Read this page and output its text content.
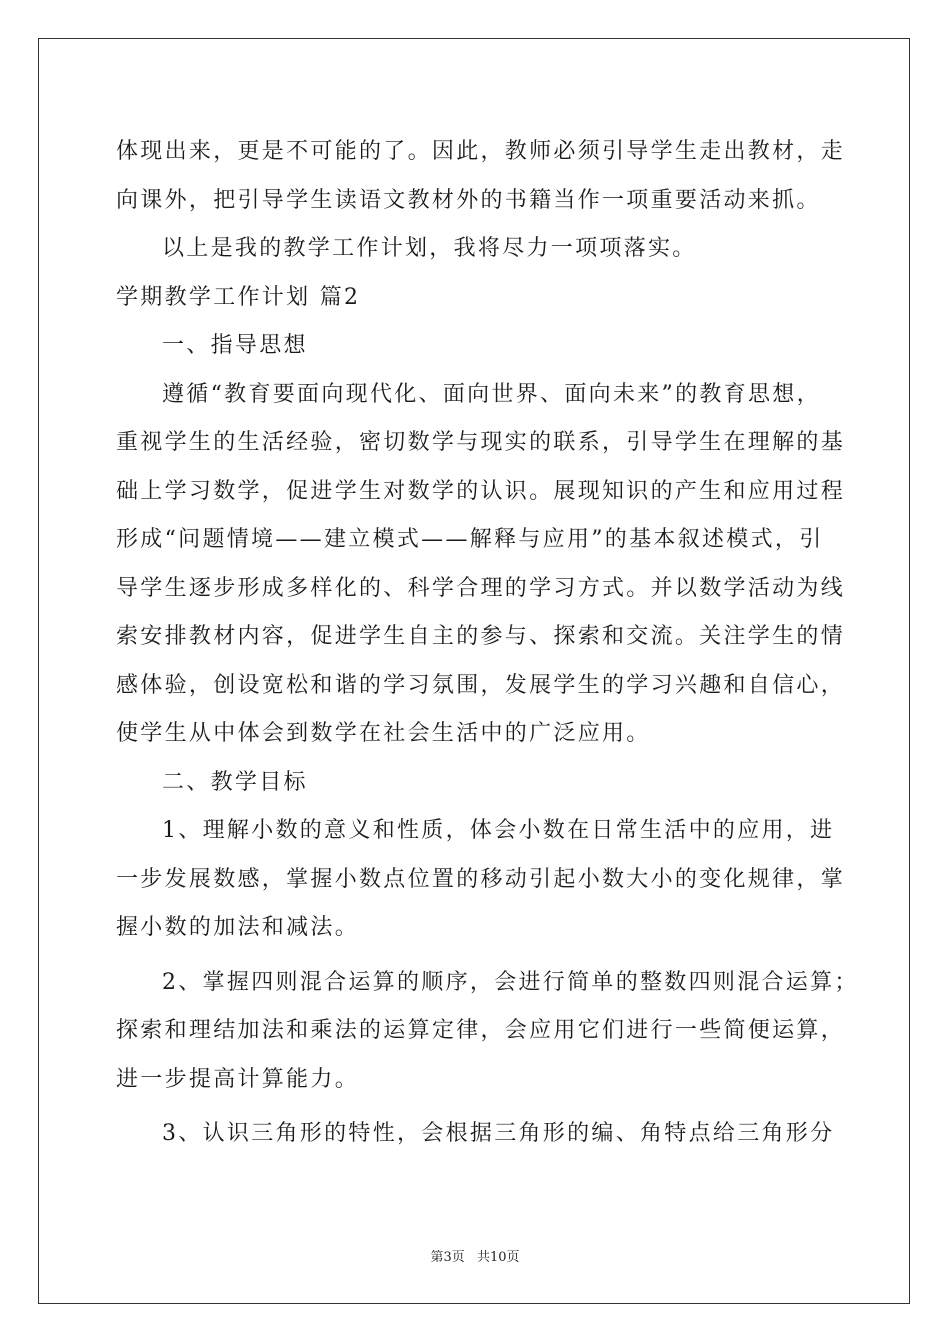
体现出来，更是不可能的了。因此，教师必须引导学生走出教材，走
向课外，把引导学生读语文教材外的书籍当作一项重要活动来抓。
以上是我的教学工作计划，我将尽力一项项落实。
学期教学工作计划 篇2
一、指导思想
遵循“教育要面向现代化、面向世界、面向未来”的教育思想，
重视学生的生活经验，密切数学与现实的联系，引导学生在理解的基
础上学习数学，促进学生对数学的认识。展现知识的产生和应用过程
形成“问题情境——建立模式——解释与应用”的基本叙述模式，引
导学生逐步形成多样化的、科学合理的学习方式。并以数学活动为线
索安排教材内容，促进学生自主的参与、探索和交流。关注学生的情
感体验，创设宽松和谐的学习氛围，发展学生的学习兴趣和自信心，
使学生从中体会到数学在社会生活中的广泛应用。
二、教学目标
1、理解小数的意义和性质，体会小数在日常生活中的应用，进
一步发展数感，掌握小数点位置的移动引起小数大小的变化规律，掌
握小数的加法和减法。
2、掌握四则混合运算的顺序，会进行简单的整数四则混合运算；
探索和理结加法和乘法的运算定律，会应用它们进行一些简便运算，
进一步提高计算能力。
3、认识三角形的特性，会根据三角形的编、角特点给三角形分
第3页 共10页
